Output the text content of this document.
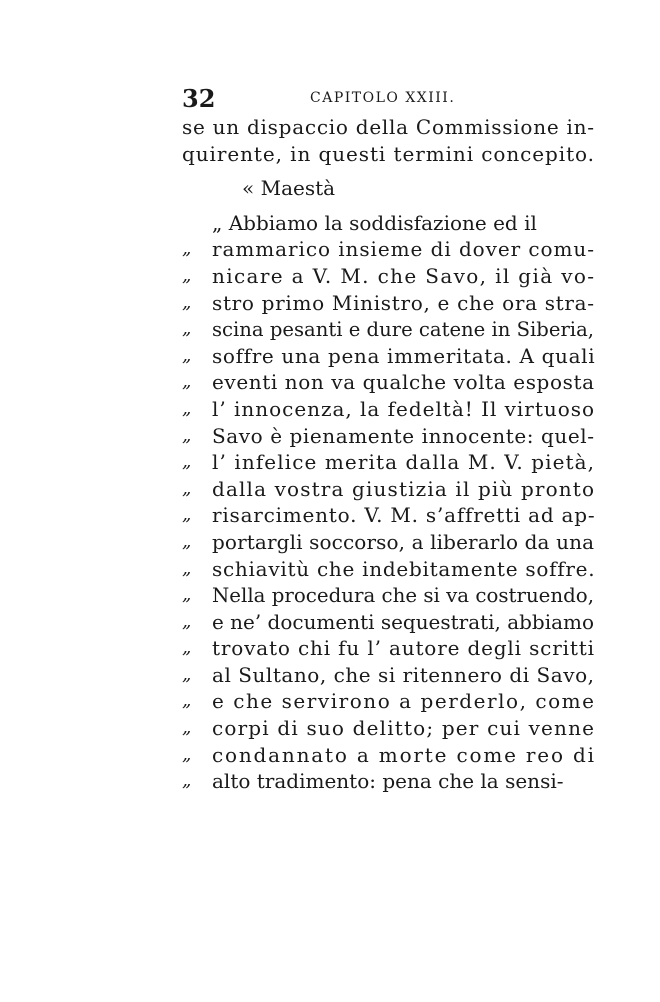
32	CAPITOLO XXIII.
se un dispaccio della Commissione in-
quirente, in questi termini concepito.
« Maestà
„ Abbiamo la soddisfazione ed il
„ rammarico insieme di dover comu-
„ nicare a V. M. che Savo, il già vo-
„ stro primo Ministro, e che ora stra-
„ scina pesanti e dure catene in Siberia,
„ soffre una pena immeritata. A quali
„ eventi non va qualche volta esposta
„ l’ innocenza, la fedeltà! Il virtuoso
„ Savo è pienamente innocente: quel-
„ l’ infelice merita dalla M. V. pietà,
„ dalla vostra giustizia il più pronto
„ risarcimento. V. M. s’affretti ad ap-
„ portargli soccorso, a liberarlo da una
„ schiavitù che indebitamente soffre.
„ Nella procedura che si va costruendo,
„ e ne’ documenti sequestrati, abbiamo
„ trovato chi fu l’ autore degli scritti
„ al Sultano, che si ritennero di Savo,
„ e che servirono a perderlo, come
„ corpi di suo delitto; per cui venne
„ condannato a morte come reo di
„ alto tradimento: pena che la sensi-
